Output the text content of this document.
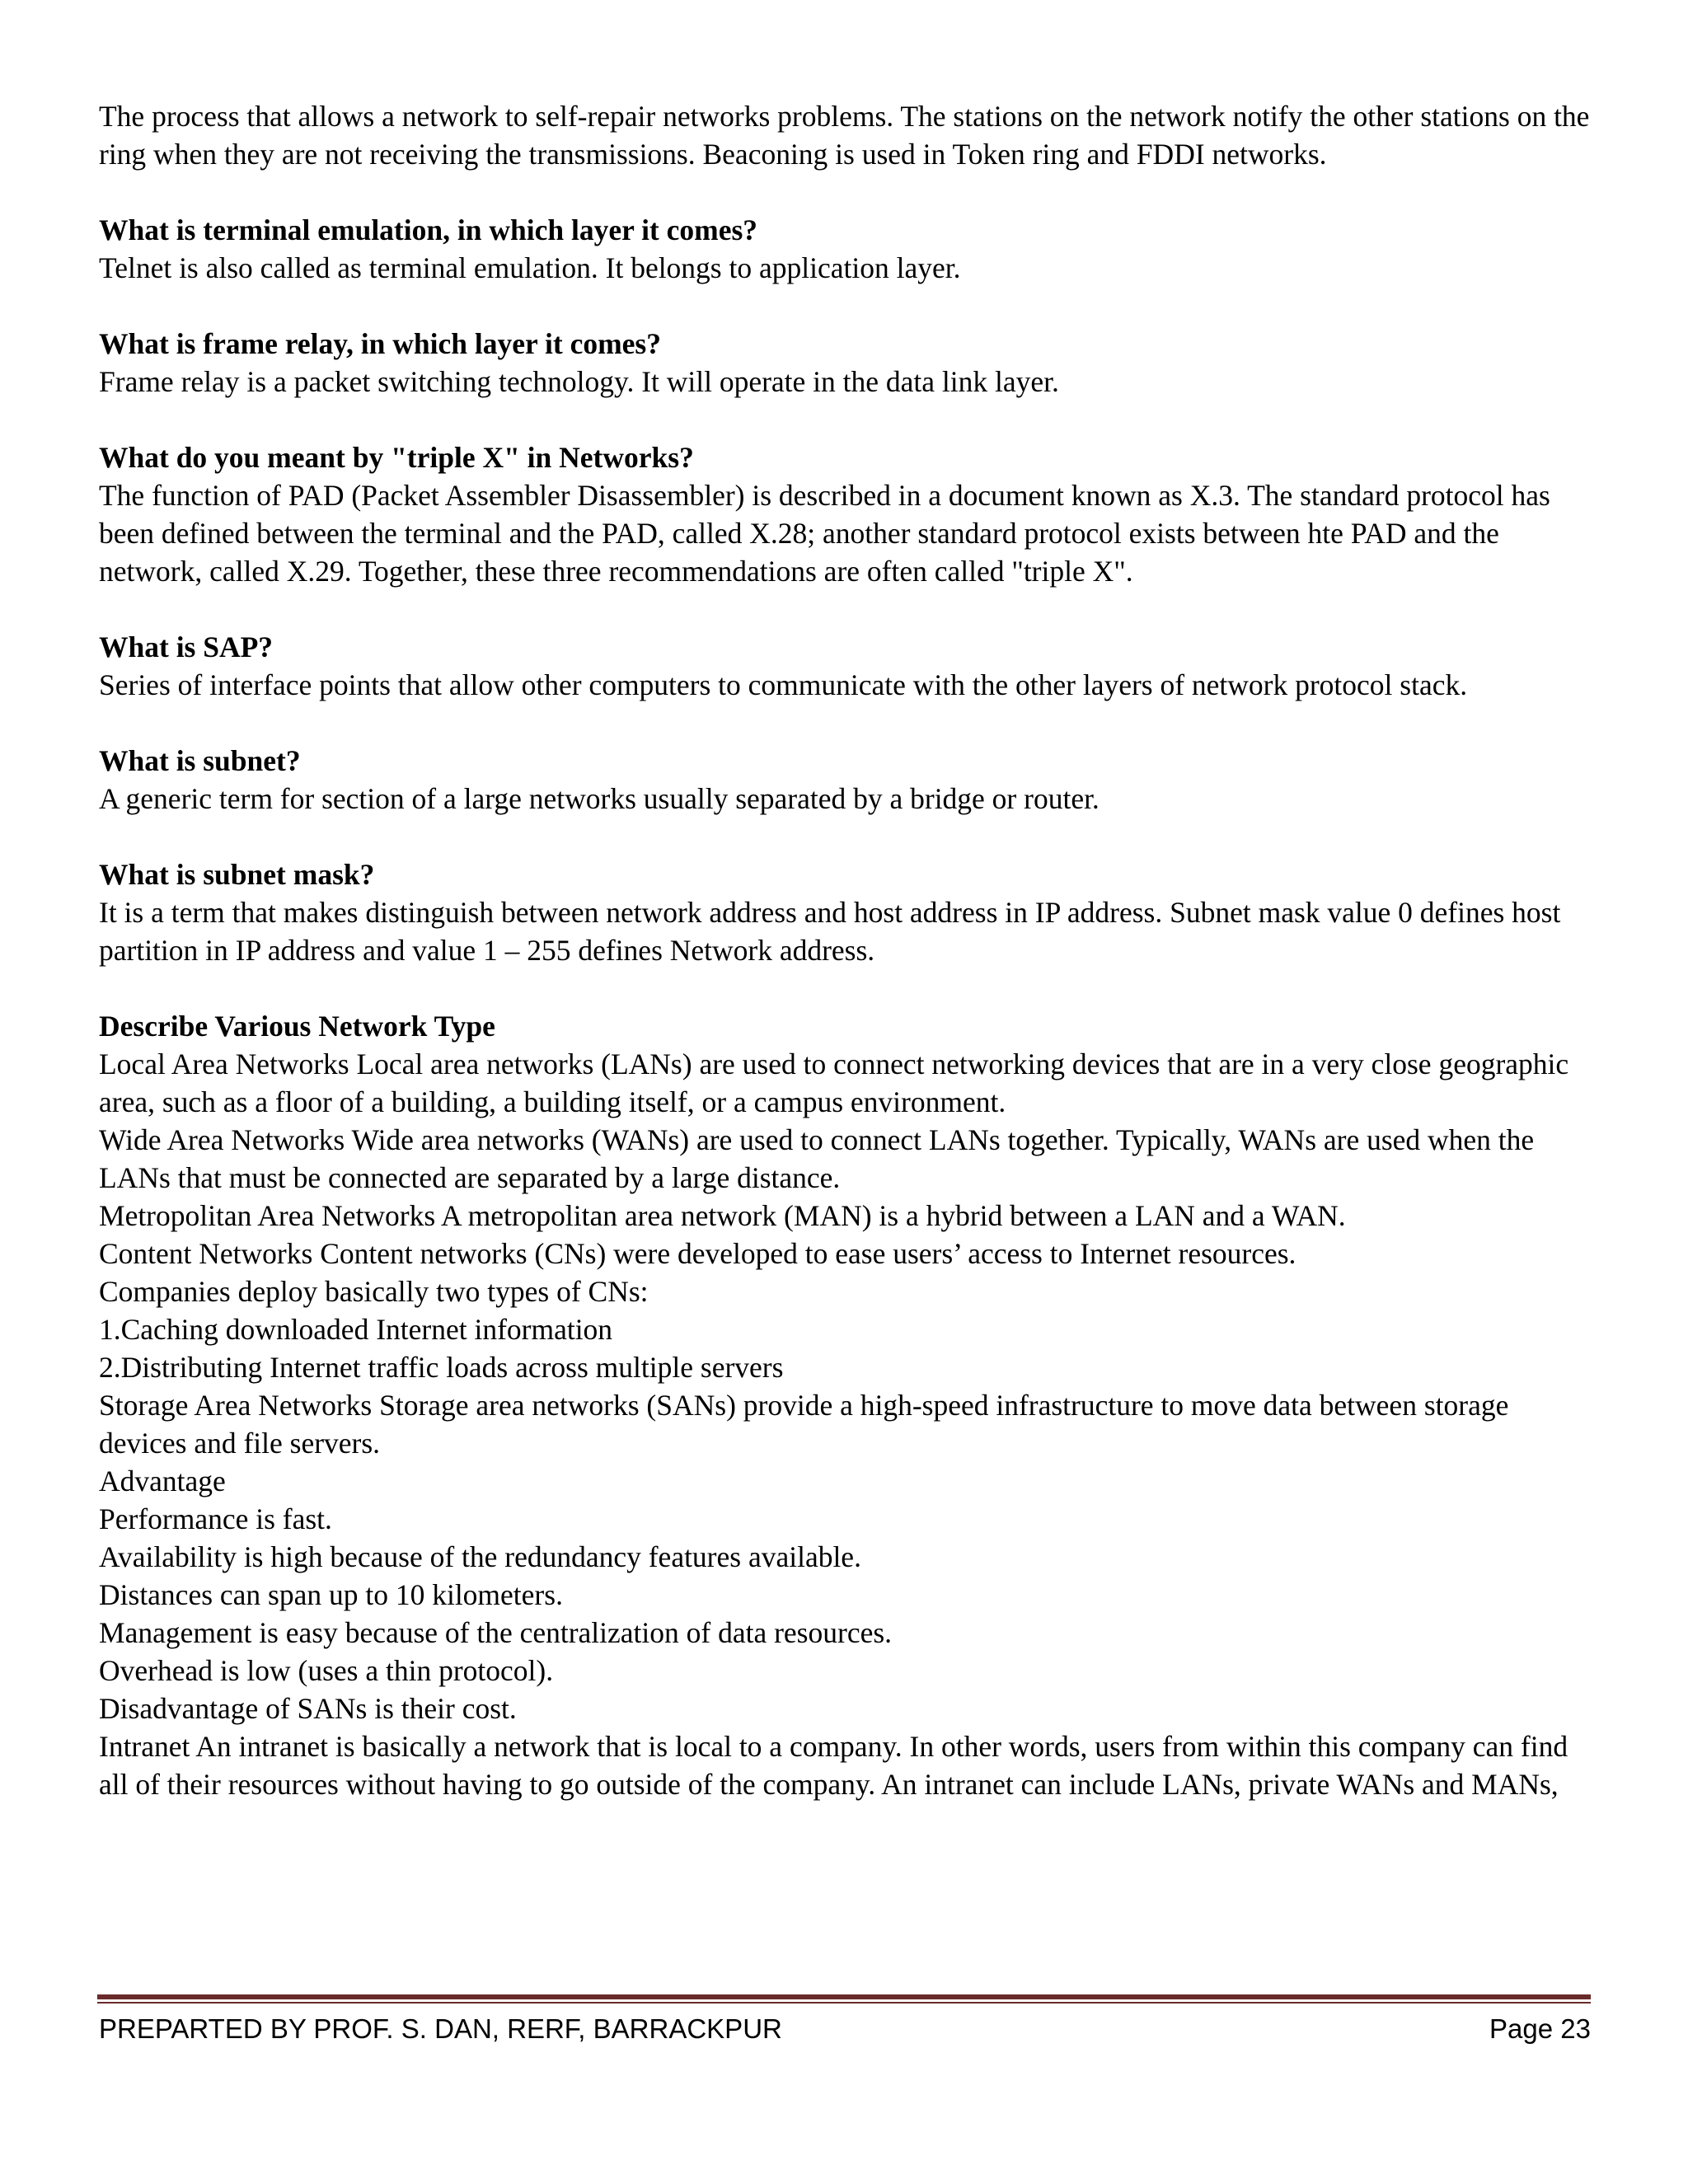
The process that allows a network to self-repair networks problems. The stations on the network notify the other stations on the ring when they are not receiving the transmissions. Beaconing is used in Token ring and FDDI networks.

What is terminal emulation, in which layer it comes?

Telnet is also called as terminal emulation. It belongs to application layer.

What is frame relay, in which layer it comes?

Frame relay is a packet switching technology. It will operate in the data link layer.

What do you meant by "triple X" in Networks?

The function of PAD (Packet Assembler Disassembler) is described in a document known as X.3. The standard protocol has been defined between the terminal and the PAD, called X.28; another standard protocol exists between hte PAD and the network, called X.29. Together, these three recommendations are often called "triple X".

What is SAP?

Series of interface points that allow other computers to communicate with the other layers of network protocol stack.

What is subnet?

A generic term for section of a large networks usually separated by a bridge or router.

What is subnet mask?

It is a term that makes distinguish between network address and host address in IP address. Subnet mask value 0 defines host partition in IP address and value 1 – 255 defines Network address.

Describe Various Network Type

Local Area Networks Local area networks (LANs) are used to connect networking devices that are in a very close geographic area, such as a floor of a building, a building itself, or a campus environment.

Wide Area Networks Wide area networks (WANs) are used to connect LANs together. Typically, WANs are used when the LANs that must be connected are separated by a large distance.

Metropolitan Area Networks A metropolitan area network (MAN) is a hybrid between a LAN and a WAN.

Content Networks Content networks (CNs) were developed to ease users’ access to Internet resources.

Companies deploy basically two types of CNs:

1.Caching downloaded Internet information

2.Distributing Internet traffic loads across multiple servers

Storage Area Networks Storage area networks (SANs) provide a high-speed infrastructure to move data between storage devices and file servers.

Advantage

Performance is fast.

Availability is high because of the redundancy features available.

Distances can span up to 10 kilometers.

Management is easy because of the centralization of data resources.

Overhead is low (uses a thin protocol).

Disadvantage of SANs is their cost.

Intranet An intranet is basically a network that is local to a company. In other words, users from within this company can find all of their resources without having to go outside of the company. An intranet can include LANs, private WANs and MANs,

PREPARTED BY PROF. S. DAN, RERF, BARRACKPUR	Page 23
